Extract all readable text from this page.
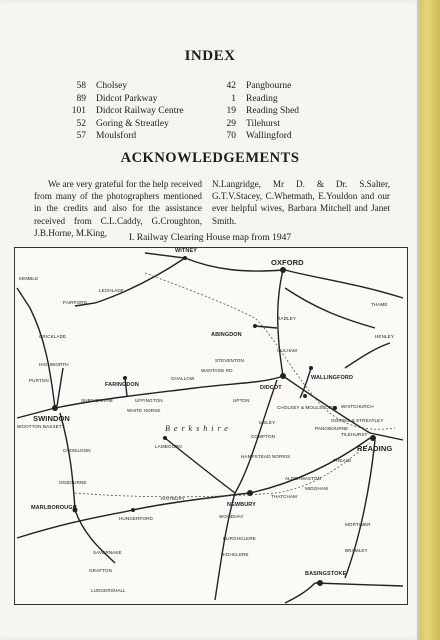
INDEX
58 Cholsey
89 Didcot Parkway
101 Didcot Railway Centre
52 Goring & Streatley
57 Moulsford
42 Pangbourne
1 Reading
19 Reading Shed
29 Tilehurst
70 Wallingford
ACKNOWLEDGEMENTS

We are very grateful for the help received from many of the photographers mentioned in the credits and also for the assistance received from C.L.Caddy, G.Croughton, J.B.Horne, M.King,

N.Langridge, Mr D. & Dr. S.Salter, G.T.V.Stacey, C.Whetmath, E.Youldon and our ever helpful wives, Barbara Mitchell and Janet Smith.

I. Railway Clearing House map from 1947
OXFORD
SWINDON
DIDCOT
READING
NEWBURY
BASINGSTOKE
MARLBOROUGH
WALLINGFORD
ABINGDON
WITNEY
FARINGDON
Berkshire
CHOLSEY & MOULSFORD
LAMBOURN
HUNGERFORD
TILEHURST
GORING & STREATLEY
FAIRFORD
HIGHWORTH
THAME
WANTAGE RD
STEVENTON
UFFINGTON
SHRIVENHAM
COMPTON
HAMPSTEAD NORRIS
MORTIMER
BRAMLEY
KINTBURY
SAVERNAKE
PANGBOURNE
THEALE
ALDERMASTON
UPTON
CULHAM
RADLEY
HENLEY
OGBOURNE
CHISELDON
WHITCHURCH
BURGHCLERE
HIGHCLERE
WOODHAY
LECHLADE
KEMBLE
CRICKLADE
PURTON
WOOTTON BASSETT
CHALLOW
WHITE HORSE
ILSLEY
THATCHAM
MIDGHAM
GRAFTON
LUDGERSHALL
